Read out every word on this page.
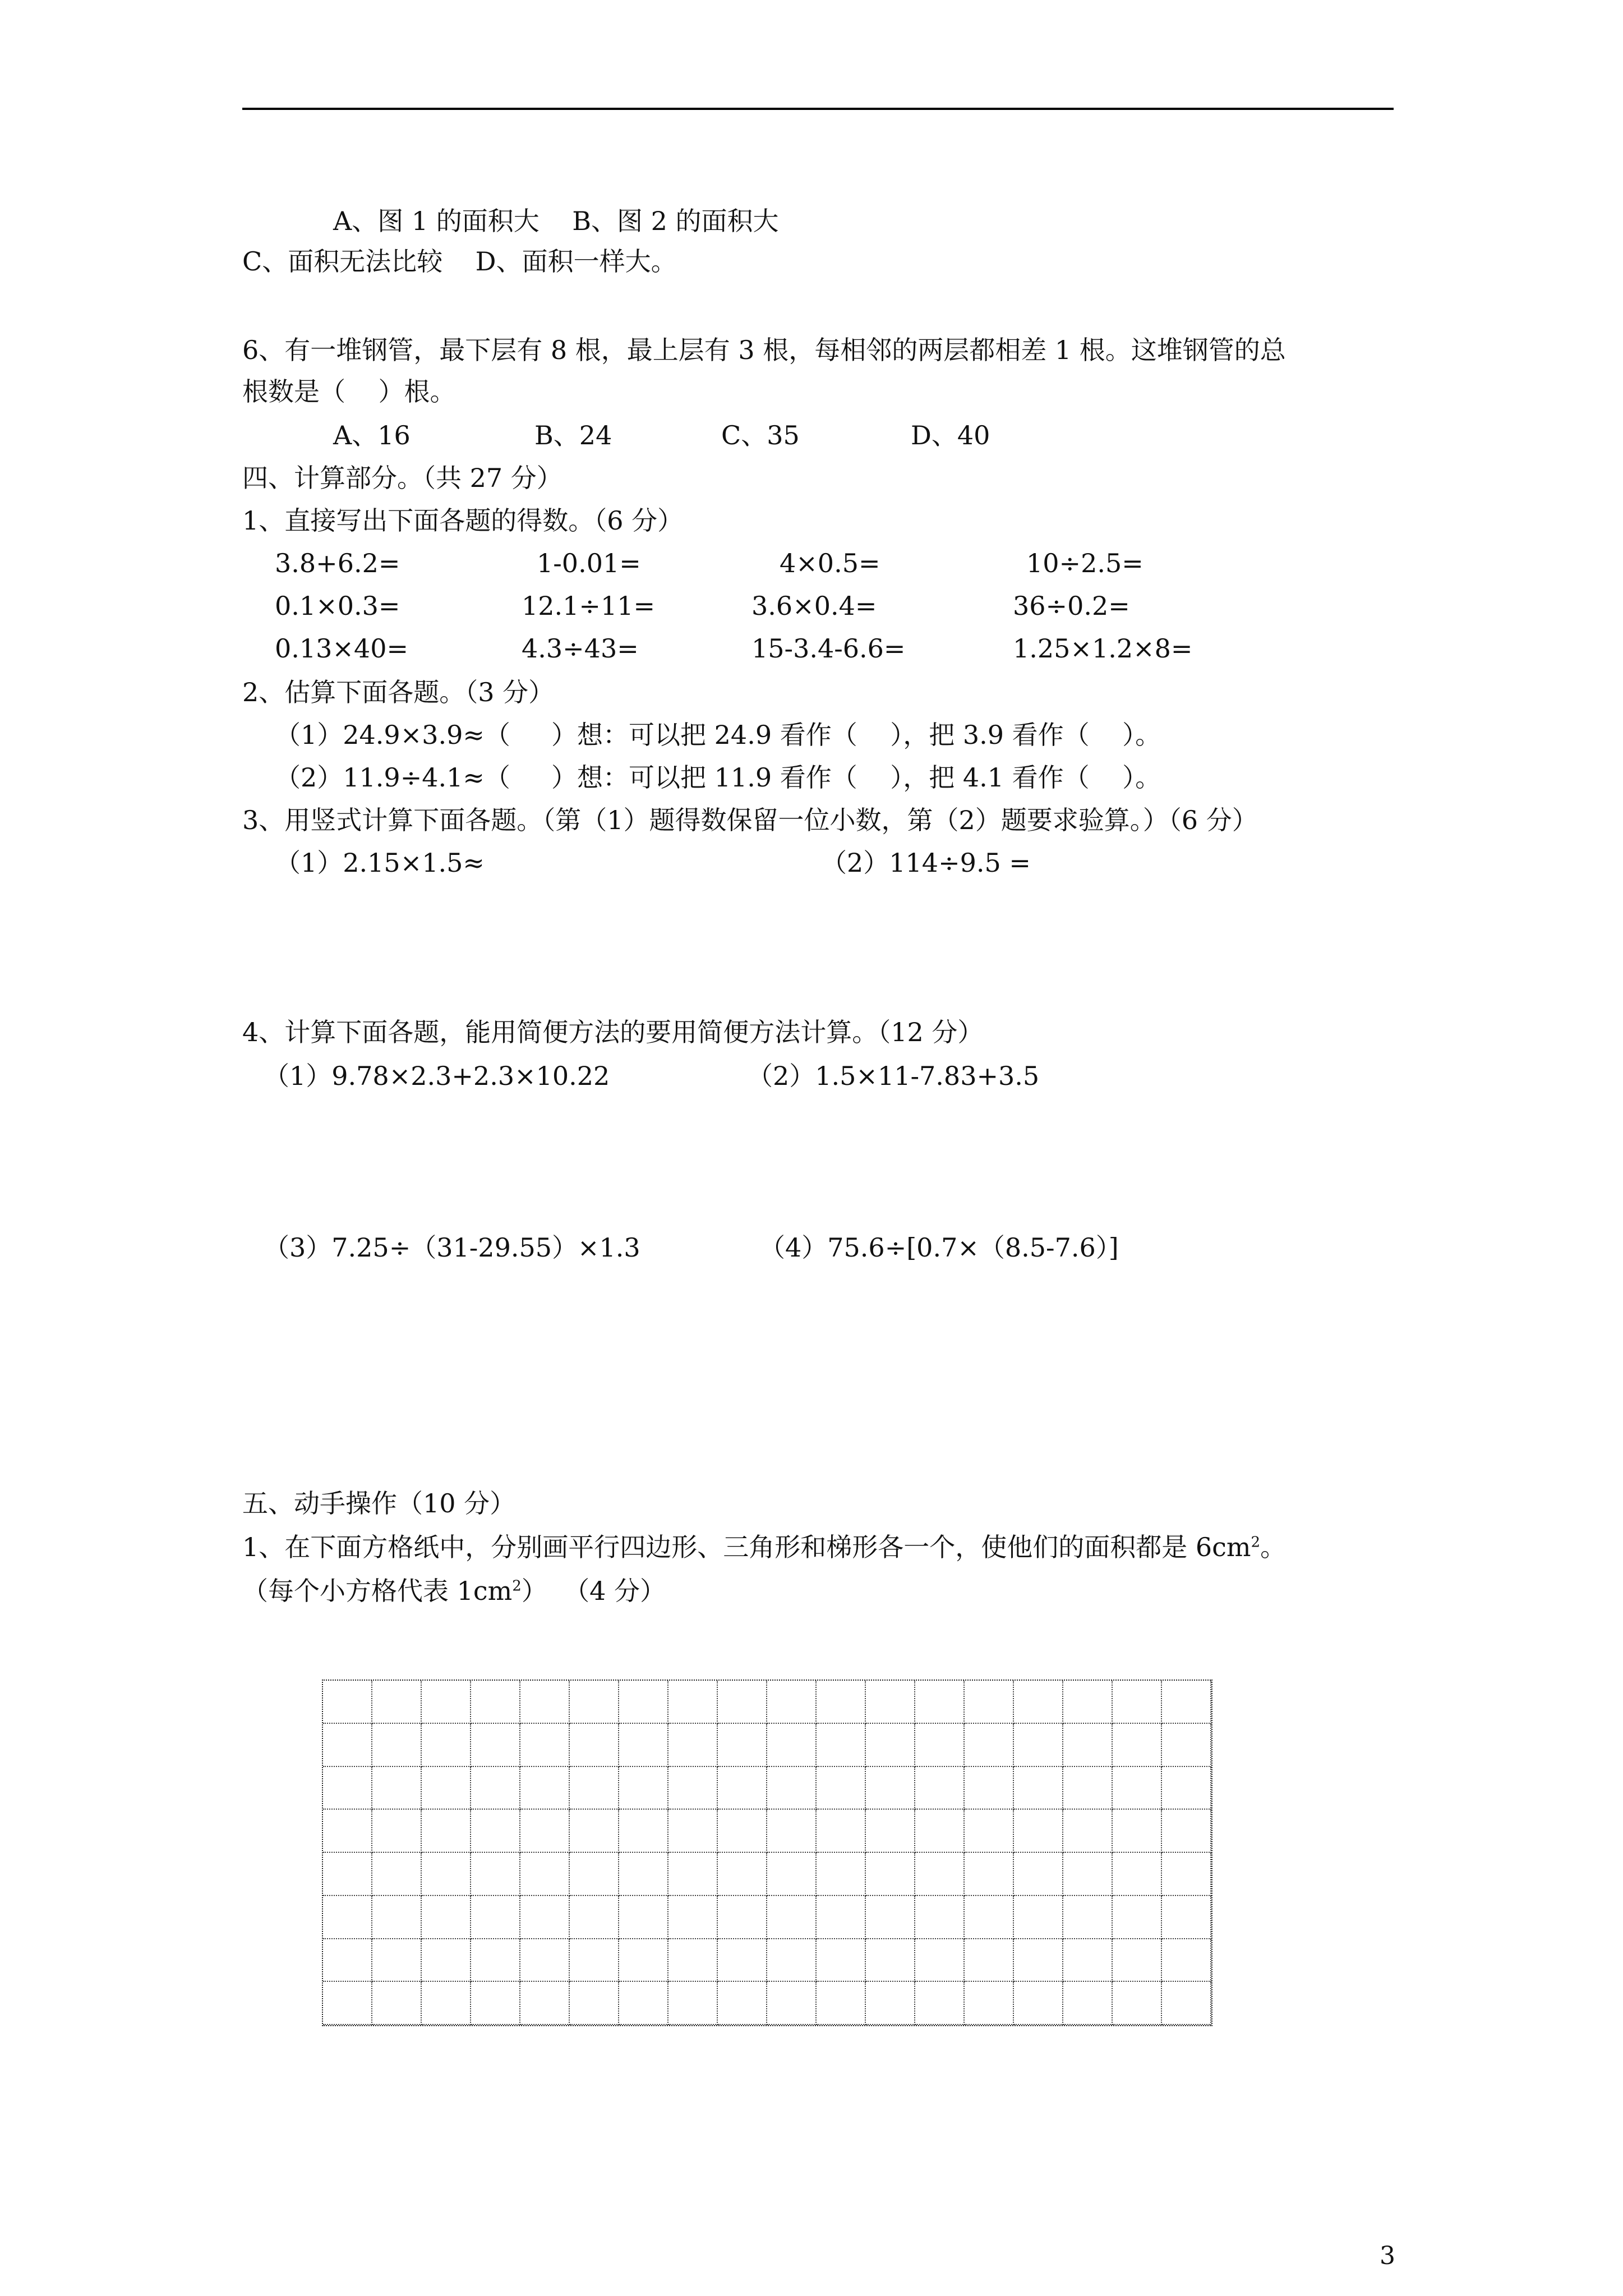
A、图 1 的面积大    B、图 2 的面积大
C、面积无法比较    D、面积一样大。
6、有一堆钢管，最下层有 8 根，最上层有 3 根，每相邻的两层都相差 1 根。这堆钢管的总
根数是（    ）根。
A、16	B、24	C、35	D、40
四、计算部分。（共 27 分）
1、直接写出下面各题的得数。（6 分）
3.8+6.2=	1-0.01=	4×0.5=	10÷2.5=
0.1×0.3=	12.1÷11=	3.6×0.4=	36÷0.2=
0.13×40=	4.3÷43=	15-3.4-6.6=	1.25×1.2×8=
2、估算下面各题。（3 分）
（1）24.9×3.9≈（     ）想：可以把 24.9 看作（    ），把 3.9 看作（    ）。
（2）11.9÷4.1≈（     ）想：可以把 11.9 看作（    ），把 4.1 看作（    ）。
3、用竖式计算下面各题。（第（1）题得数保留一位小数，第（2）题要求验算。）（6 分）
（1）2.15×1.5≈	（2）114÷9.5 =
4、计算下面各题，能用简便方法的要用简便方法计算。（12 分）
（1）9.78×2.3+2.3×10.22	（2）1.5×11-7.83+3.5
（3）7.25÷（31-29.55）×1.3	（4）75.6÷[0.7×（8.5-7.6）]
五、动手操作（10 分）
1、在下面方格纸中，分别画平行四边形、三角形和梯形各一个，使他们的面积都是 $6cm^2$。
（每个小方格代表 $1cm^2$）  （4 分）
3
